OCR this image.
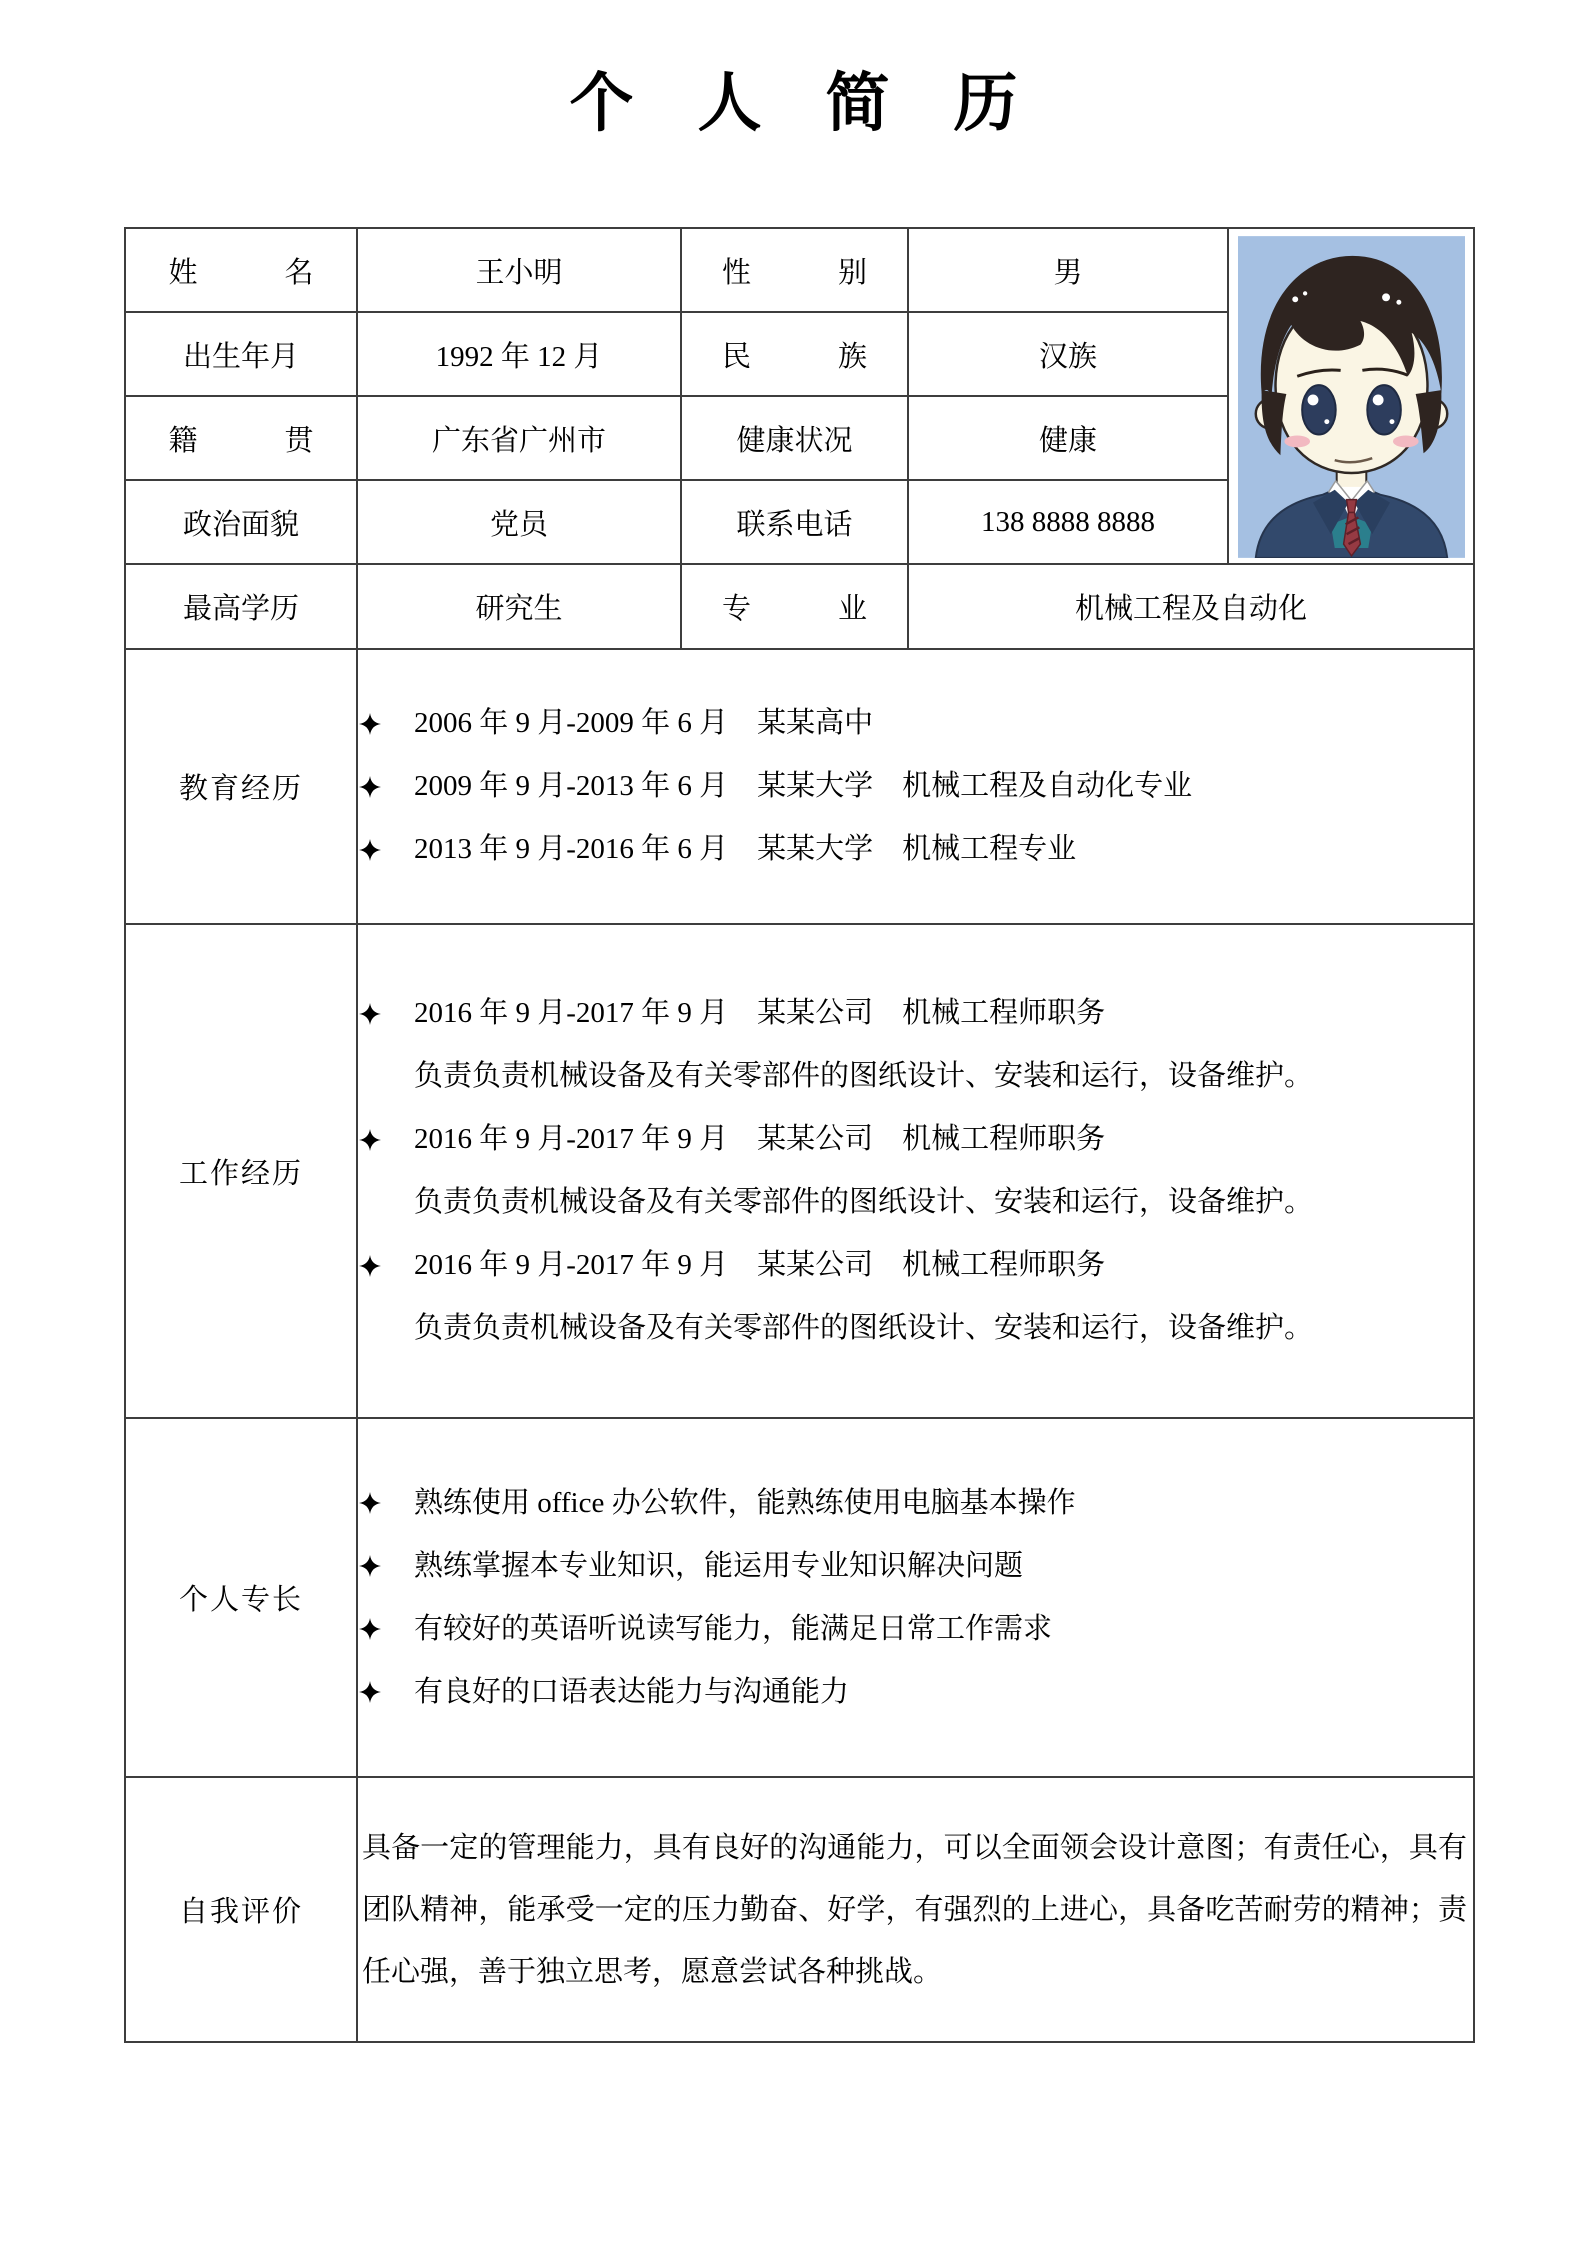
个　人　简　历
姓　　　名	王小明	性　　　别	男	

出生年月	1992 年 12 月	民　　　族	汉族	
籍　　　贯	广东省广州市	健康状况	健康	
政治面貌	党员	联系电话	138 8888 8888	
最高学历	研究生	专　　　业	机械工程及自动化	
教育经历	2006 年 9 月-2009 年 6 月　某某高中
2009 年 9 月-2013 年 6 月　某某大学　机械工程及自动化专业
2013 年 9 月-2016 年 6 月　某某大学　机械工程专业			

工作经历	
2016 年 9 月-2017 年 9 月　某某公司　机械工程师职务
负责负责机械设备及有关零部件的图纸设计、安装和运行，设备维护。
2016 年 9 月-2017 年 9 月　某某公司　机械工程师职务
负责负责机械设备及有关零部件的图纸设计、安装和运行，设备维护。
2016 年 9 月-2017 年 9 月　某某公司　机械工程师职务
负责负责机械设备及有关零部件的图纸设计、安装和运行，设备维护。

个人专长	熟练使用 office 办公软件，能熟练使用电脑基本操作
熟练掌握本专业知识，能运用专业知识解决问题
有较好的英语听说读写能力，能满足日常工作需求
有良好的口语表达能力与沟通能力			

自我评价	具备一定的管理能力，具有良好的沟通能力，可以全面领会设计意图；有责任心，具有团队精神，能承受一定的压力勤奋、好学，有强烈的上进心，具备吃苦耐劳的精神；责任心强，善于独立思考，愿意尝试各种挑战。			
